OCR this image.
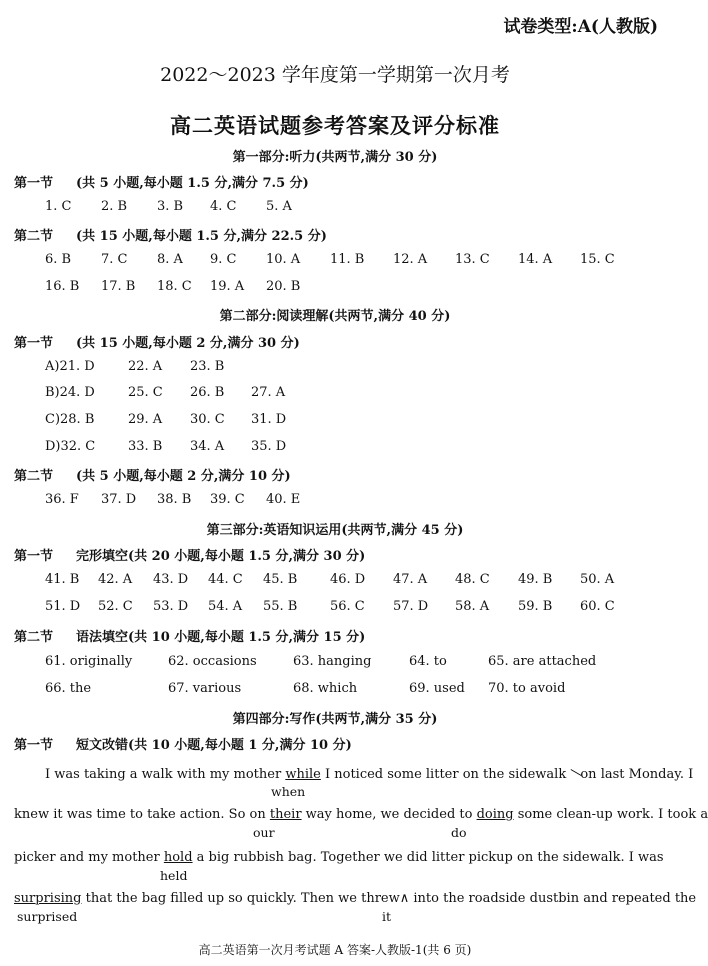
试卷类型:A(人教版)
2022～2023 学年度第一学期第一次月考
高二英语试题参考答案及评分标准
第一部分:听力(共两节,满分 30 分)
第一节 (共 5 小题,每小题 1.5 分,满分 7.5 分)
1. C 2. B 3. B 4. C 5. A
第二节 (共 15 小题,每小题 1.5 分,满分 22.5 分)
6. B 7. C 8. A 9. C 10. A 11. B 12. A 13. C 14. A 15. C
16. B 17. B 18. C 19. A 20. B
第二部分:阅读理解(共两节,满分 40 分)
第一节 (共 15 小题,每小题 2 分,满分 30 分)
A)21. D	22. A 23. B
B)24. D	25. C 26. B 27. A
C)28. B	29. A 30. C 31. D
D)32. C	33. B 34. A 35. D
第二节 (共 5 小题,每小题 2 分,满分 10 分)
36. F 37. D 38. B 39. C 40. E
第三部分:英语知识运用(共两节,满分 45 分)
第一节 完形填空(共 20 小题,每小题 1.5 分,满分 30 分)
41. B 42. A 43. D 44. C 45. B	46. D 47. A 48. C 49. B 50. A
51. D 52. C 53. D 54. A 55. B	56. C 57. D 58. A 59. B 60. C
第二节 语法填空(共 10 小题,每小题 1.5 分,满分 15 分)
61. originally	62. occasions	63. hanging	64. to	65. are attached
66. the	67. various	68. which	69. used 70. to avoid
第四部分:写作(共两节,满分 35 分)
第一节 短文改错(共 10 小题,每小题 1 分,满分 10 分)
I was taking a walk with my mother while I noticed some litter on the sidewalk on last Monday. I
when
knew it was time to take action. So on their way home, we decided to doing some clean-up work. I took a
our	do
picker and my mother hold a big rubbish bag. Together we did litter pickup on the sidewalk. I was
held
surprising that the bag filled up so quickly. Then we threw∧ into the roadside dustbin and repeated the
surprised	it
高二英语第一次月考试题 A 答案-人教版-1(共 6 页)
